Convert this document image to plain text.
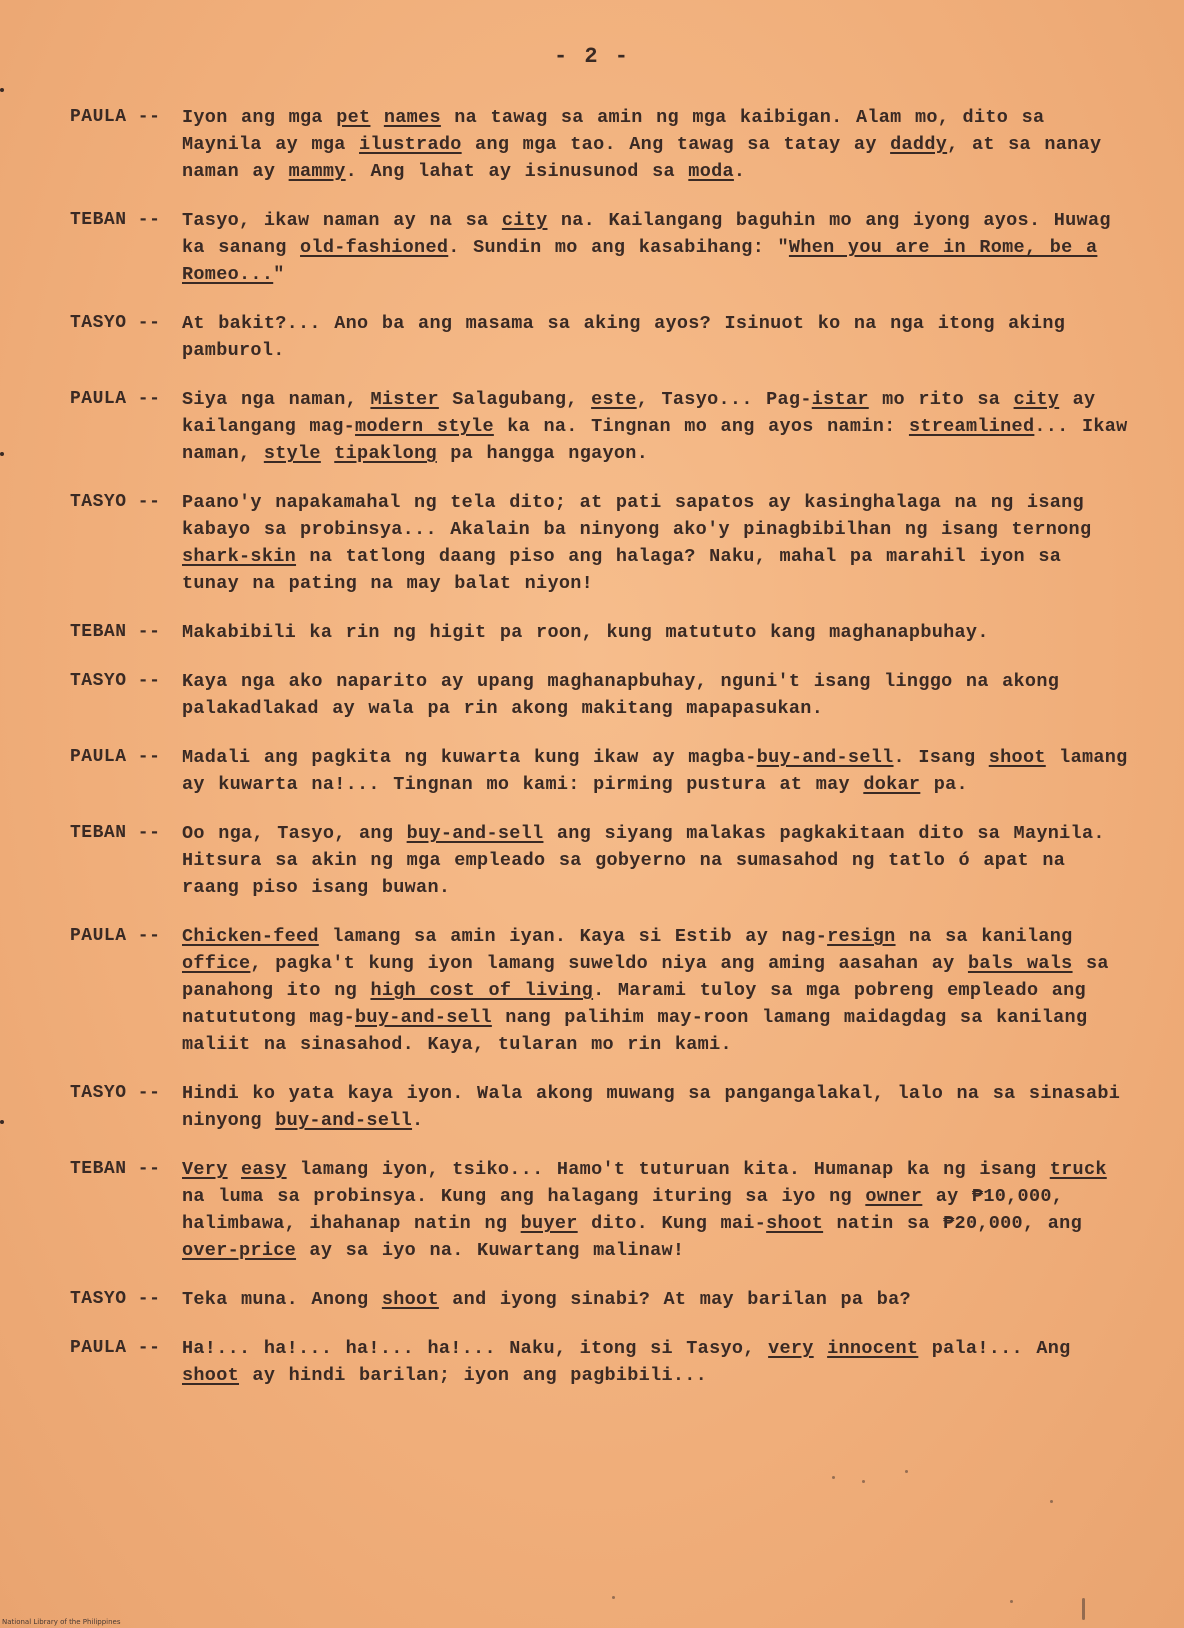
- 2 -
PAULA --	Iyon ang mga pet names na tawag sa amin ng mga kaibigan. Alam mo, dito sa Maynila ay mga ilustrado ang mga tao. Ang tawag sa tatay ay daddy, at sa nanay naman ay mammy. Ang lahat ay isinusunod sa moda.
TEBAN --	Tasyo, ikaw naman ay na sa city na. Kailangang baguhin mo ang iyong ayos. Huwag ka sanang old-fashioned. Sundin mo ang kasabihang: "When you are in Rome, be a Romeo..."
TASYO --	At bakit?... Ano ba ang masama sa aking ayos? Isinuot ko na nga itong aking pamburol.
PAULA --	Siya nga naman, Mister Salagubang, este, Tasyo... Pag-istar mo rito sa city ay kailangang mag-modern style ka na. Tingnan mo ang ayos namin: streamlined... Ikaw naman, style tipaklong pa hangga ngayon.
TASYO --	Paano'y napakamahal ng tela dito; at pati sapatos ay kasinghalaga na ng isang kabayo sa probinsya... Akalain ba ninyong ako'y pinagbibilhan ng isang ternong shark-skin na tatlong daang piso ang halaga? Naku, mahal pa marahil iyon sa tunay na pating na may balat niyon!
TEBAN --	Makabibili ka rin ng higit pa roon, kung matututo kang maghanapbuhay.
TASYO --	Kaya nga ako naparito ay upang maghanapbuhay, nguni't isang linggo na akong palakadlakad ay wala pa rin akong makitang mapapasukan.
PAULA --	Madali ang pagkita ng kuwarta kung ikaw ay magba-buy-and-sell. Isang shoot lamang ay kuwarta na!... Tingnan mo kami: pirming pustura at may dokar pa.
TEBAN --	Oo nga, Tasyo, ang buy-and-sell ang siyang malakas pagkakitaan dito sa Maynila. Hitsura sa akin ng mga empleado sa gobyerno na sumasahod ng tatlo ó apat na raang piso isang buwan.
PAULA --	Chicken-feed lamang sa amin iyan. Kaya si Estib ay nag-resign na sa kanilang office, pagka't kung iyon lamang suweldo niya ang aming aasahan ay bals wals sa panahong ito ng high cost of living. Marami tuloy sa mga pobreng empleado ang natututong mag-buy-and-sell nang palihim may-roon lamang maidagdag sa kanilang maliit na sinasahod. Kaya, tularan mo rin kami.
TASYO --	Hindi ko yata kaya iyon. Wala akong muwang sa pangangalakal, lalo na sa sinasabi ninyong buy-and-sell.
TEBAN --	Very easy lamang iyon, tsiko... Hamo't tuturuan kita. Humanap ka ng isang truck na luma sa probinsya. Kung ang halagang ituring sa iyo ng owner ay ₱10,000, halimbawa, ihahanap natin ng buyer dito. Kung mai-shoot natin sa ₱20,000, ang over-price ay sa iyo na. Kuwartang malinaw!
TASYO --	Teka muna. Anong shoot and iyong sinabi? At may barilan pa ba?
PAULA --	Ha!... ha!... ha!... ha!... Naku, itong si Tasyo, very innocent pala!... Ang shoot ay hindi barilan; iyon ang pagbibili...
National Library of the Philippines
